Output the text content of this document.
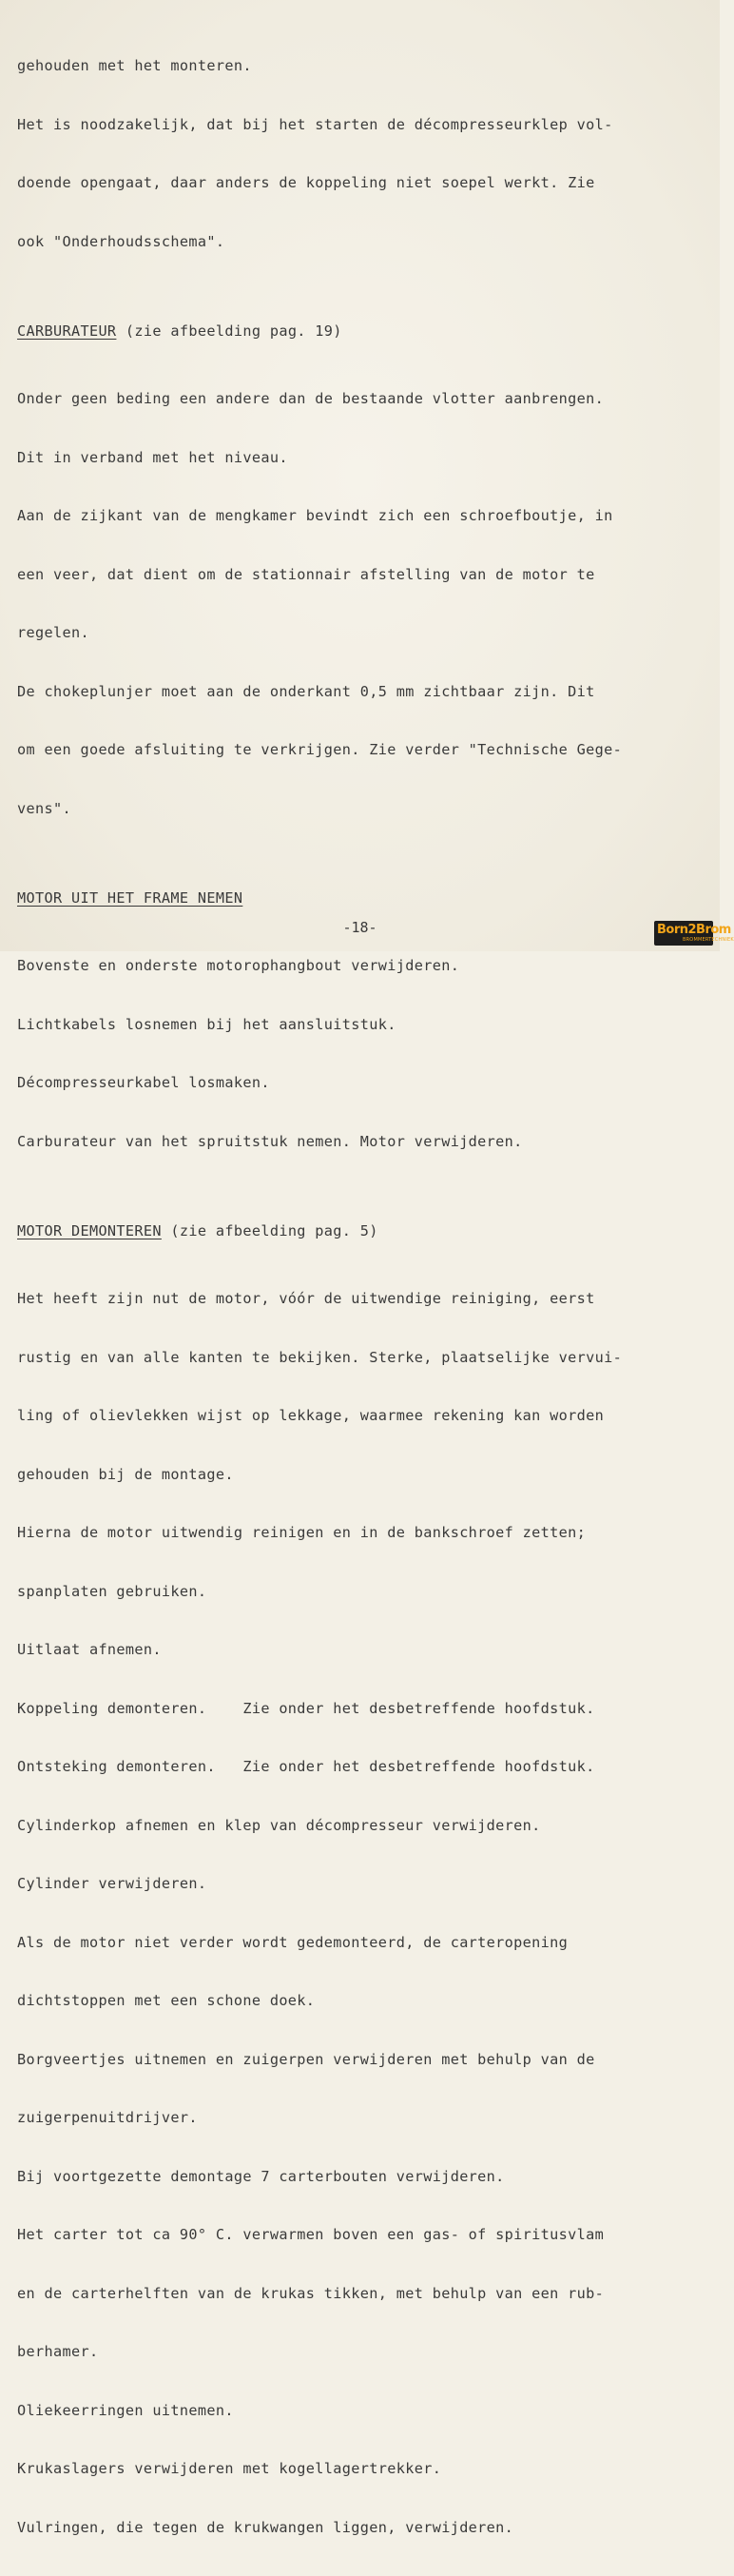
gehouden met het monteren.

Het is noodzakelijk, dat bij het starten de décompresseurklep vol-

doende opengaat, daar anders de koppeling niet soepel werkt. Zie

ook "Onderhoudsschema".

CARBURATEUR (zie afbeelding pag. 19)

Onder geen beding een andere dan de bestaande vlotter aanbrengen.

Dit in verband met het niveau.

Aan de zijkant van de mengkamer bevindt zich een schroefboutje, in

een veer, dat dient om de stationnair afstelling van de motor te

regelen.

De chokeplunjer moet aan de onderkant 0,5 mm zichtbaar zijn. Dit

om een goede afsluiting te verkrijgen. Zie verder "Technische Gege-

vens".

MOTOR UIT HET FRAME NEMEN

Bovenste en onderste motorophangbout verwijderen.

Lichtkabels losnemen bij het aansluitstuk.

Décompresseurkabel losmaken.

Carburateur van het spruitstuk nemen. Motor verwijderen.

MOTOR DEMONTEREN (zie afbeelding pag. 5)

Het heeft zijn nut de motor, vóór de uitwendige reiniging, eerst

rustig en van alle kanten te bekijken. Sterke, plaatselijke vervui-

ling of olievlekken wijst op lekkage, waarmee rekening kan worden

gehouden bij de montage.

Hierna de motor uitwendig reinigen en in de bankschroef zetten;

spanplaten gebruiken.

Uitlaat afnemen.

Koppeling demonteren.    Zie onder het desbetreffende hoofdstuk.

Ontsteking demonteren.   Zie onder het desbetreffende hoofdstuk.

Cylinderkop afnemen en klep van décompresseur verwijderen.

Cylinder verwijderen.

Als de motor niet verder wordt gedemonteerd, de carteropening

dichtstoppen met een schone doek.

Borgveertjes uitnemen en zuigerpen verwijderen met behulp van de

zuigerpenuitdrijver.

Bij voortgezette demontage 7 carterbouten verwijderen.

Het carter tot ca 90° C. verwarmen boven een gas- of spiritusvlam

en de carterhelften van de krukas tikken, met behulp van een rub-

berhamer.

Oliekeerringen uitnemen.

Krukaslagers verwijderen met kogellagertrekker.

Vulringen, die tegen de krukwangen liggen, verwijderen.

-18-	Born2Brom
BROMMERTECHNIEK
